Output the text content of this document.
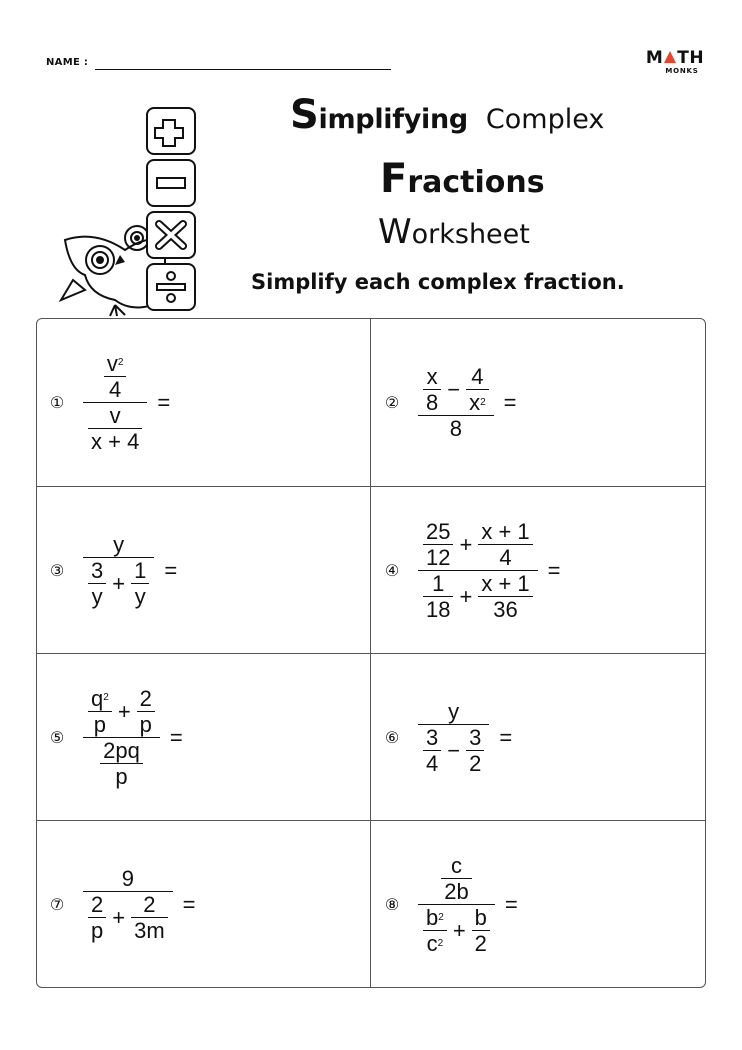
NAME :	M TH
MONKS
Simplifying Complex
Fractions
Worksheet
Simplify each complex fraction.
① $\frac{\frac{v 2}{4}}{\frac{v}{x + 4}}$ =	② $\frac{\frac{x}{8} - \frac{4}{x 2}}{8}$ =
③ $\frac{y}{\frac{3}{y} + \frac{1}{y}}$ =	④ $\frac{\frac{25}{12} + \frac{x + 1}{4}}{\frac{1}{18} + \frac{x + 1}{36}}$ =
⑤ $\frac{\frac{q 2}{p} + \frac{2}{p}}{\frac{2pq}{p}}$ =	⑥ $\frac{y}{\frac{3}{4} - \frac{3}{2}}$ =
⑦ $\frac{9}{\frac{2}{p} + \frac{2}{3m}}$ =	⑧ $\frac{\frac{c}{2b}}{\frac{b 2}{c 2} + \frac{b}{2}}$ =
